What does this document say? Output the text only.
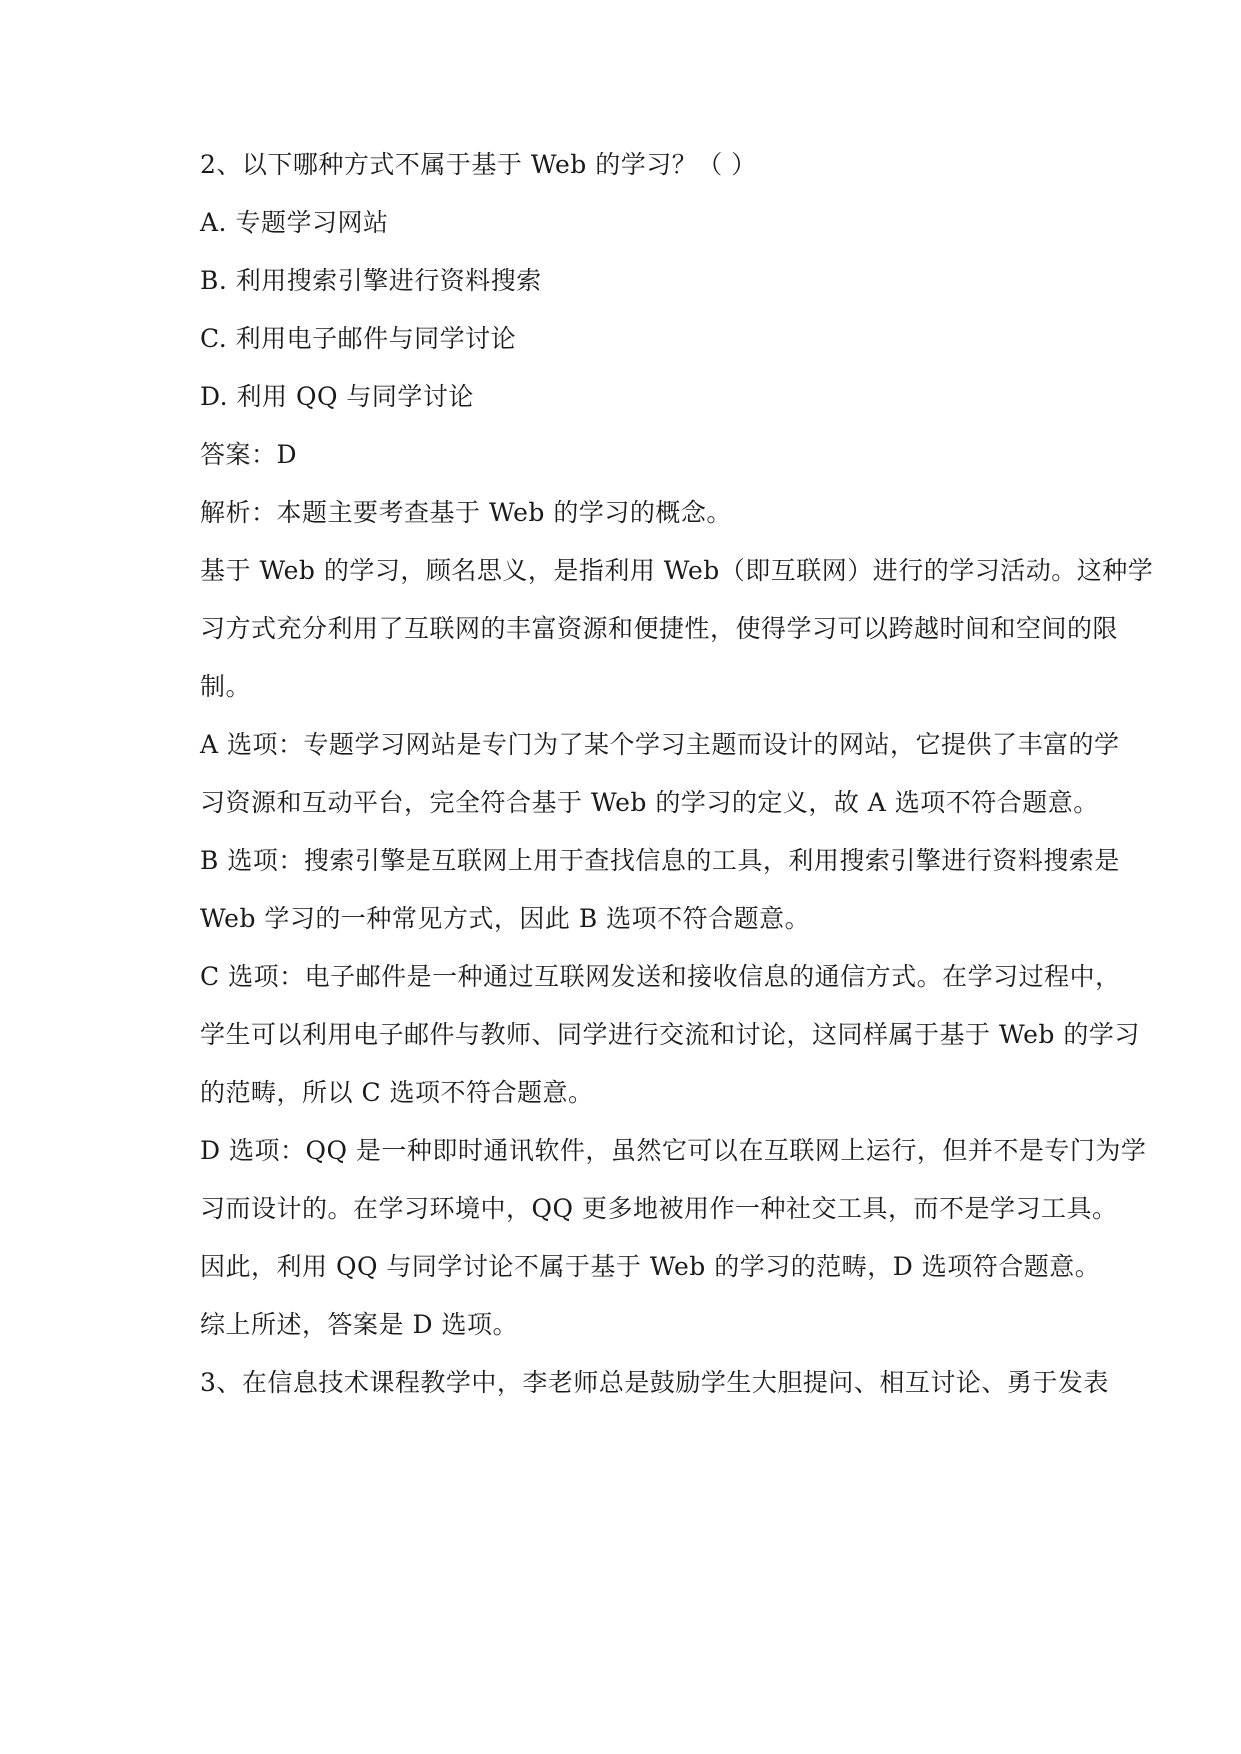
2、以下哪种方式不属于基于 Web 的学习？（ ）
A. 专题学习网站
B. 利用搜索引擎进行资料搜索
C. 利用电子邮件与同学讨论
D. 利用 QQ 与同学讨论
答案：D
解析：本题主要考查基于 Web 的学习的概念。
基于 Web 的学习，顾名思义，是指利用 Web（即互联网）进行的学习活动。这种学
习方式充分利用了互联网的丰富资源和便捷性，使得学习可以跨越时间和空间的限
制。
A 选项：专题学习网站是专门为了某个学习主题而设计的网站，它提供了丰富的学
习资源和互动平台，完全符合基于 Web 的学习的定义，故 A 选项不符合题意。
B 选项：搜索引擎是互联网上用于查找信息的工具，利用搜索引擎进行资料搜索是
Web 学习的一种常见方式，因此 B 选项不符合题意。
C 选项：电子邮件是一种通过互联网发送和接收信息的通信方式。在学习过程中，
学生可以利用电子邮件与教师、同学进行交流和讨论，这同样属于基于 Web 的学习
的范畴，所以 C 选项不符合题意。
D 选项：QQ 是一种即时通讯软件，虽然它可以在互联网上运行，但并不是专门为学
习而设计的。在学习环境中，QQ 更多地被用作一种社交工具，而不是学习工具。
因此，利用 QQ 与同学讨论不属于基于 Web 的学习的范畴，D 选项符合题意。
综上所述，答案是 D 选项。
3、在信息技术课程教学中，李老师总是鼓励学生大胆提问、相互讨论、勇于发表
